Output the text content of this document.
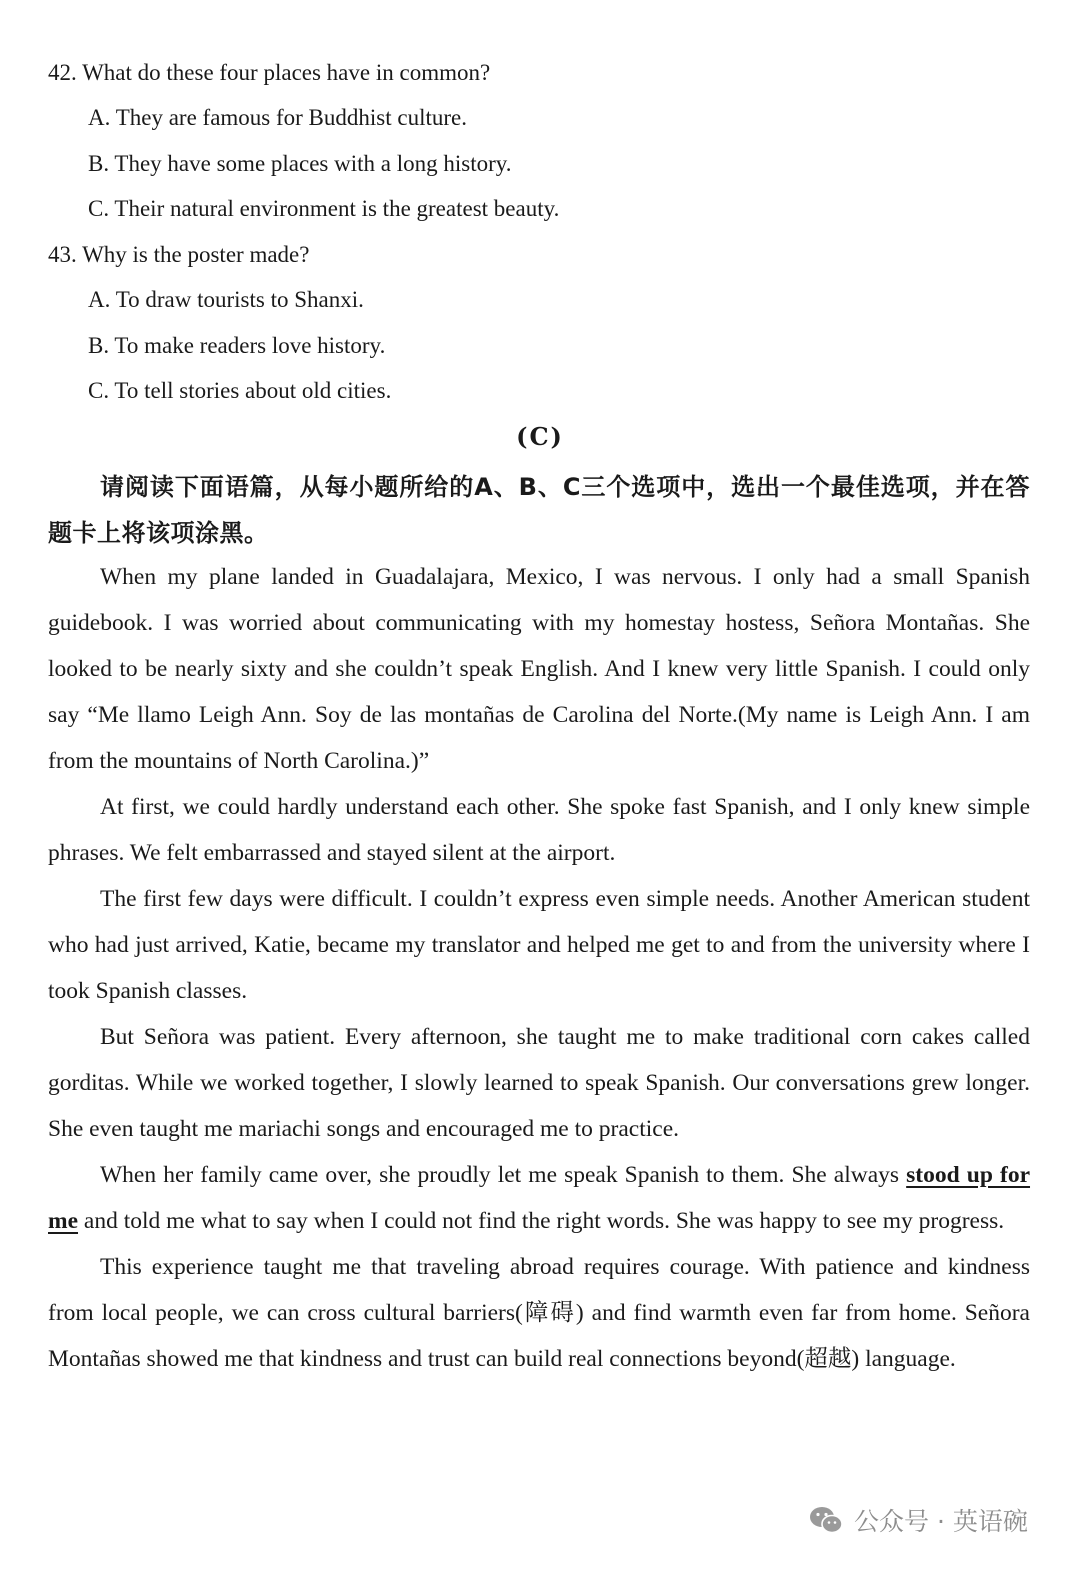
42. What do these four places have in common?
A. They are famous for Buddhist culture.
B. They have some places with a long history.
C. Their natural environment is the greatest beauty.
43. Why is the poster made?
A. To draw tourists to Shanxi.
B. To make readers love history.
C. To tell stories about old cities.
(C)
请阅读下面语篇，从每小题所给的A、B、C三个选项中，选出一个最佳选项，并在答题卡上将该项涂黑。

When my plane landed in Guadalajara, Mexico, I was nervous. I only had a small Spanish guidebook. I was worried about communicating with my homestay hostess, Señora Montañas. She looked to be nearly sixty and she couldn’t speak English. And I knew very little Spanish. I could only say “Me llamo Leigh Ann. Soy de las montañas de Carolina del Norte.(My name is Leigh Ann. I am from the mountains of North Carolina.)”

At first, we could hardly understand each other. She spoke fast Spanish, and I only knew simple phrases. We felt embarrassed and stayed silent at the airport.

The first few days were difficult. I couldn’t express even simple needs. Another American student who had just arrived, Katie, became my translator and helped me get to and from the university where I took Spanish classes.

But Señora was patient. Every afternoon, she taught me to make traditional corn cakes called gorditas. While we worked together, I slowly learned to speak Spanish. Our conversations grew longer. She even taught me mariachi songs and encouraged me to practice.

When her family came over, she proudly let me speak Spanish to them. She always stood up for me and told me what to say when I could not find the right words. She was happy to see my progress.

This experience taught me that traveling abroad requires courage. With patience and kindness from local people, we can cross cultural barriers(障碍) and find warmth even far from home. Señora Montañas showed me that kindness and trust can build real connections beyond(超越) language.

公众号 · 英语碗
